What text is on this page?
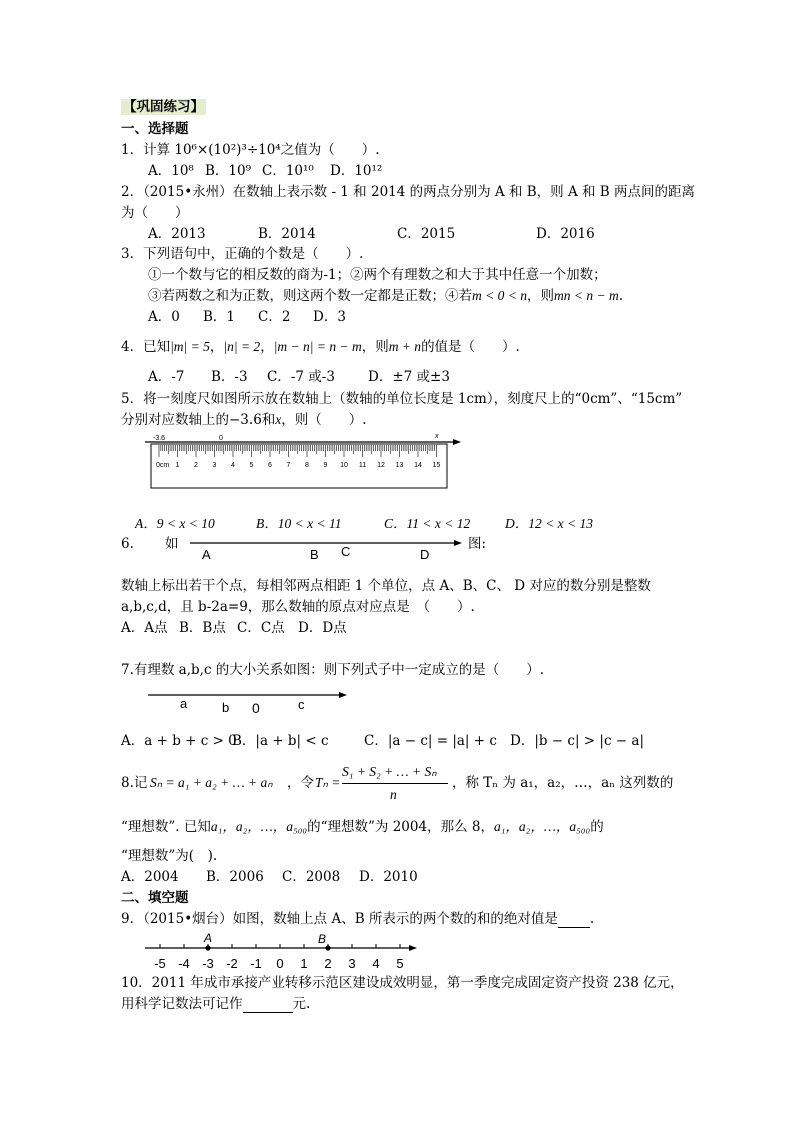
【巩固练习】
一、选择题
1．计算 10⁶×(10²)³÷10⁴之值为（　　）.
A．10⁸ B．10⁹ C．10¹⁰ D．10¹²
2．（2015•永州）在数轴上表示数 - 1 和 2014 的两点分别为 A 和 B，则 A 和 B 两点间的距离
为（　　）
A．2013	B．2014	C．2015	D．2016
3．下列语句中，正确的个数是（　　）.
①一个数与它的相反数的商为-1；②两个有理数之和大于其中任意一个加数；
③若两数之和为正数，则这两个数一定都是正数；④若m < 0 < n，则mn < n − m.
A．0 B．1 C．2 D．3
4．已知|m| = 5，|n| = 2，|m − n| = n − m，则m + n的值是（　　）.
A．-7 B．-3 C．-7 或-3 D．±7 或±3
5．将一刻度尺如图所示放在数轴上（数轴的单位长度是 1cm），刻度尺上的“0cm”、“15cm”
分别对应数轴上的−3.6和x，则（　　）.
-3.6	0	x
0cm 1 2 3 4 5 6 7 8 9 10 11 12 13 14 15
A．9 < x < 10	B．10 < x < 11	C．11 < x < 12	D．12 < x < 13
6. 如
A	B C	D
图:
数轴上标出若干个点，每相邻两点相距 1 个单位，点 A、B、C、 D 对应的数分别是整数
a,b,c,d，且 b-2a=9，那么数轴的原点对应点是　（　　）.
A．A点 B．B点 C．C点 D．D点
7.有理数 a,b,c 的大小关系如图：则下列式子中一定成立的是（　　）.
a	b 0	c
A．a + b + c > 0
B．|a + b| < c	C．|a − c| = |a| + c D．|b − c| > |c − a|
8.记 Sₙ = a₁ + a₂ + … + aₙ ，令 Tₙ =
S₁ + S₂ + … + Sₙ
n
，称 Tₙ 为 a₁，a₂，…，aₙ 这列数的
“理想数”. 已知a₁，a₂，…，a₅₀₀的“理想数”为 2004，那么 8，a₁，a₂，…，a₅₀₀的
“理想数”为(　).
A．2004 B．2006 C．2008 D．2010
二、填空题
9．（2015•烟台）如图，数轴上点 A、B 所表示的两个数的和的绝对值是 .
-5 -4 -3 -2 -1 0 1 2 3 4 5
A	B
10．2011 年成市承接产业转移示范区建设成效明显，第一季度完成固定资产投资 238 亿元，
用科学记数法可记作	元.
